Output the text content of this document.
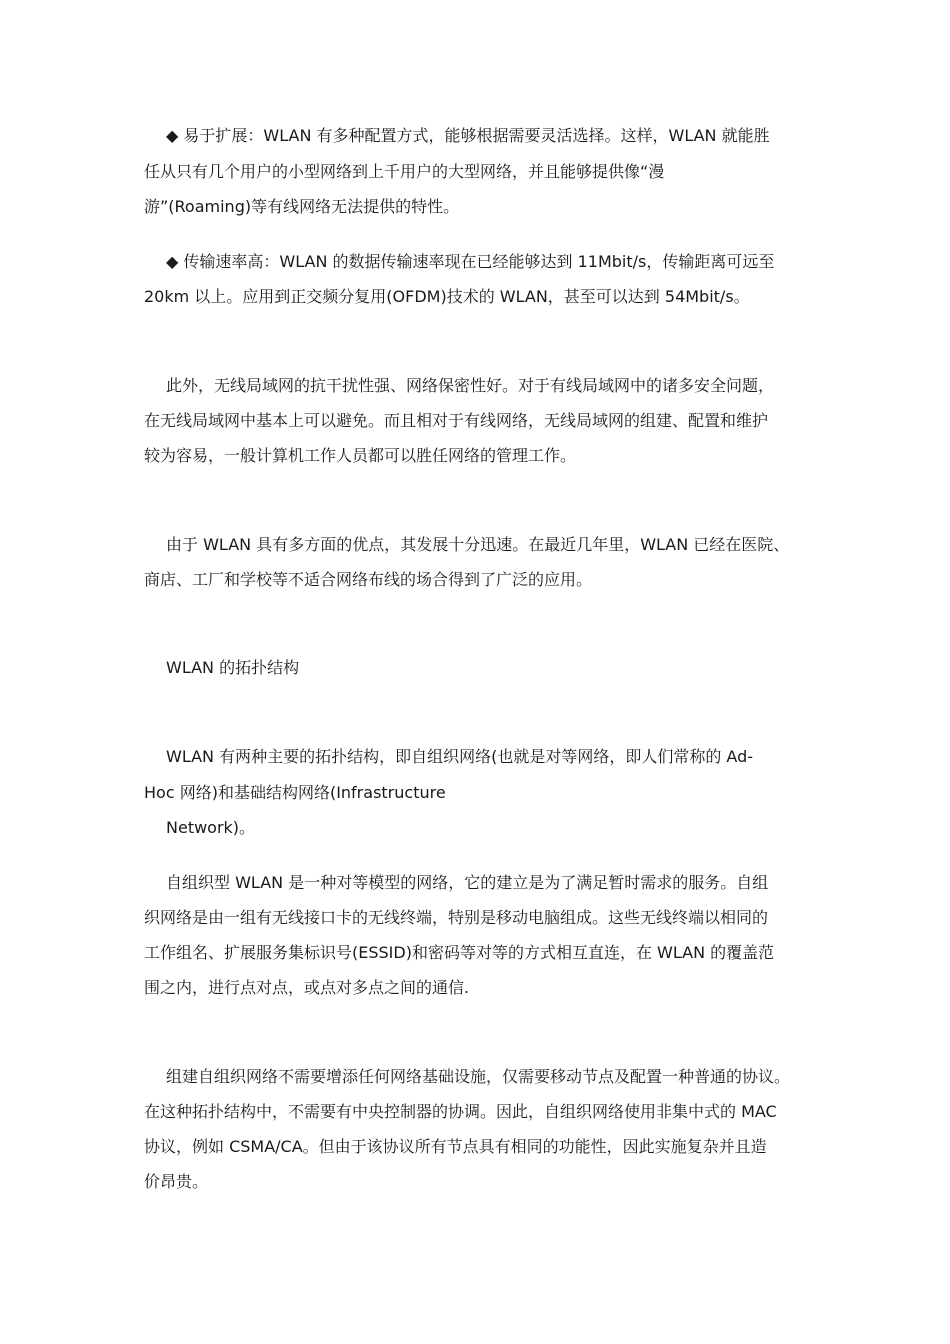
◆ 易于扩展：WLAN 有多种配置方式，能够根据需要灵活选择。这样，WLAN 就能胜
任从只有几个用户的小型网络到上千用户的大型网络，并且能够提供像“漫
游”(Roaming)等有线网络无法提供的特性。
◆ 传输速率高：WLAN 的数据传输速率现在已经能够达到 11Mbit/s，传输距离可远至
20km 以上。应用到正交频分复用(OFDM)技术的 WLAN，甚至可以达到 54Mbit/s。
此外，无线局域网的抗干扰性强、网络保密性好。对于有线局域网中的诸多安全问题，
在无线局域网中基本上可以避免。而且相对于有线网络，无线局域网的组建、配置和维护
较为容易，一般计算机工作人员都可以胜任网络的管理工作。
由于 WLAN 具有多方面的优点，其发展十分迅速。在最近几年里，WLAN 已经在医院、
商店、工厂和学校等不适合网络布线的场合得到了广泛的应用。
WLAN 的拓扑结构
WLAN 有两种主要的拓扑结构，即自组织网络(也就是对等网络，即人们常称的 Ad-
Hoc 网络)和基础结构网络(Infrastructure
Network)。
自组织型 WLAN 是一种对等模型的网络，它的建立是为了满足暂时需求的服务。自组
织网络是由一组有无线接口卡的无线终端，特别是移动电脑组成。这些无线终端以相同的
工作组名、扩展服务集标识号(ESSID)和密码等对等的方式相互直连，在 WLAN 的覆盖范
围之内，进行点对点，或点对多点之间的通信.
组建自组织网络不需要增添任何网络基础设施，仅需要移动节点及配置一种普通的协议。
在这种拓扑结构中，不需要有中央控制器的协调。因此，自组织网络使用非集中式的 MAC
协议，例如 CSMA/CA。但由于该协议所有节点具有相同的功能性，因此实施复杂并且造
价昂贵。
